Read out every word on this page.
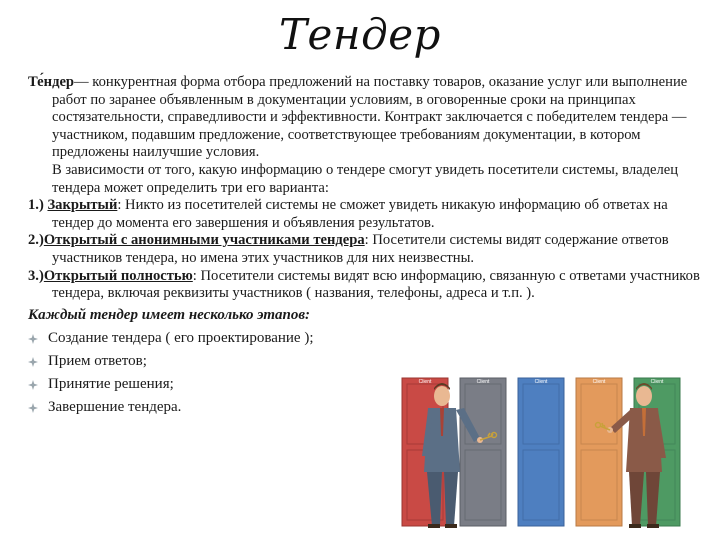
Тендер

Те́ндер— конкурентная форма отбора предложений на поставку товаров, оказание услуг или выполнение работ по заранее объявленным в документации условиям, в оговоренные сроки на принципах состязательности, справедливости и эффективности. Контракт заключается с победителем тендера — участником, подавшим предложение, соответствующее требованиям документации, в котором предложены наилучшие условия.

В зависимости от того, какую информацию о тендере смогут увидеть посетители системы, владелец тендера может определить три его варианта:

1.) Закрытый: Никто из посетителей системы не сможет увидеть никакую информацию об ответах на тендер до момента его завершения и объявления результатов.

2.)Открытый с анонимными участниками тендера: Посетители системы видят содержание ответов участников тендера, но имена этих участников для них неизвестны.

3.)Открытый полностью: Посетители системы видят всю информацию, связанную с ответами участников тендера, включая реквизиты участников ( названия, телефоны, адреса и т.п. ).

Каждый тендер имеет несколько этапов:
Создание тендера ( его проектирование );
Прием ответов;
Принятие решения;
Завершение тендера.
Client	Client	Client	Client	Client
